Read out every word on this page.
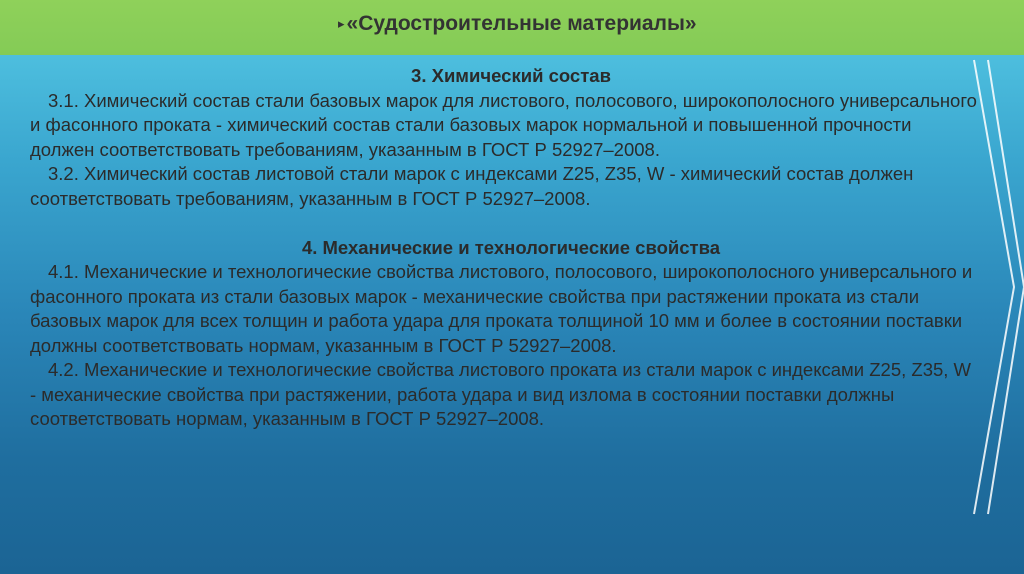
▸«Судостроительные материалы»
3. Химический состав

3.1. Химический состав стали базовых марок для листового, полосового, широкополосного универсального и фасонного проката - химический состав стали базовых марок нормальной и повышенной прочности должен соответствовать требованиям, указанным в ГОСТ Р 52927–2008.

3.2. Химический состав листовой стали марок с индексами Z25, Z35, W - химический состав должен соответствовать требованиям, указанным в ГОСТ Р 52927–2008.

4. Механические и технологические свойства

4.1. Механические и технологические свойства листового, полосового, широкополосного универсального и фасонного проката из стали базовых марок - механические свойства при растяжении проката из стали базовых марок для всех толщин и работа удара для проката толщиной 10 мм и более в состоянии поставки должны соответствовать нормам, указанным в ГОСТ Р 52927–2008.

4.2. Механические и технологические свойства листового проката из стали марок с индексами Z25, Z35, W - механические свойства при растяжении, работа удара и вид излома в состоянии поставки должны соответствовать нормам, указанным в ГОСТ Р 52927–2008.
